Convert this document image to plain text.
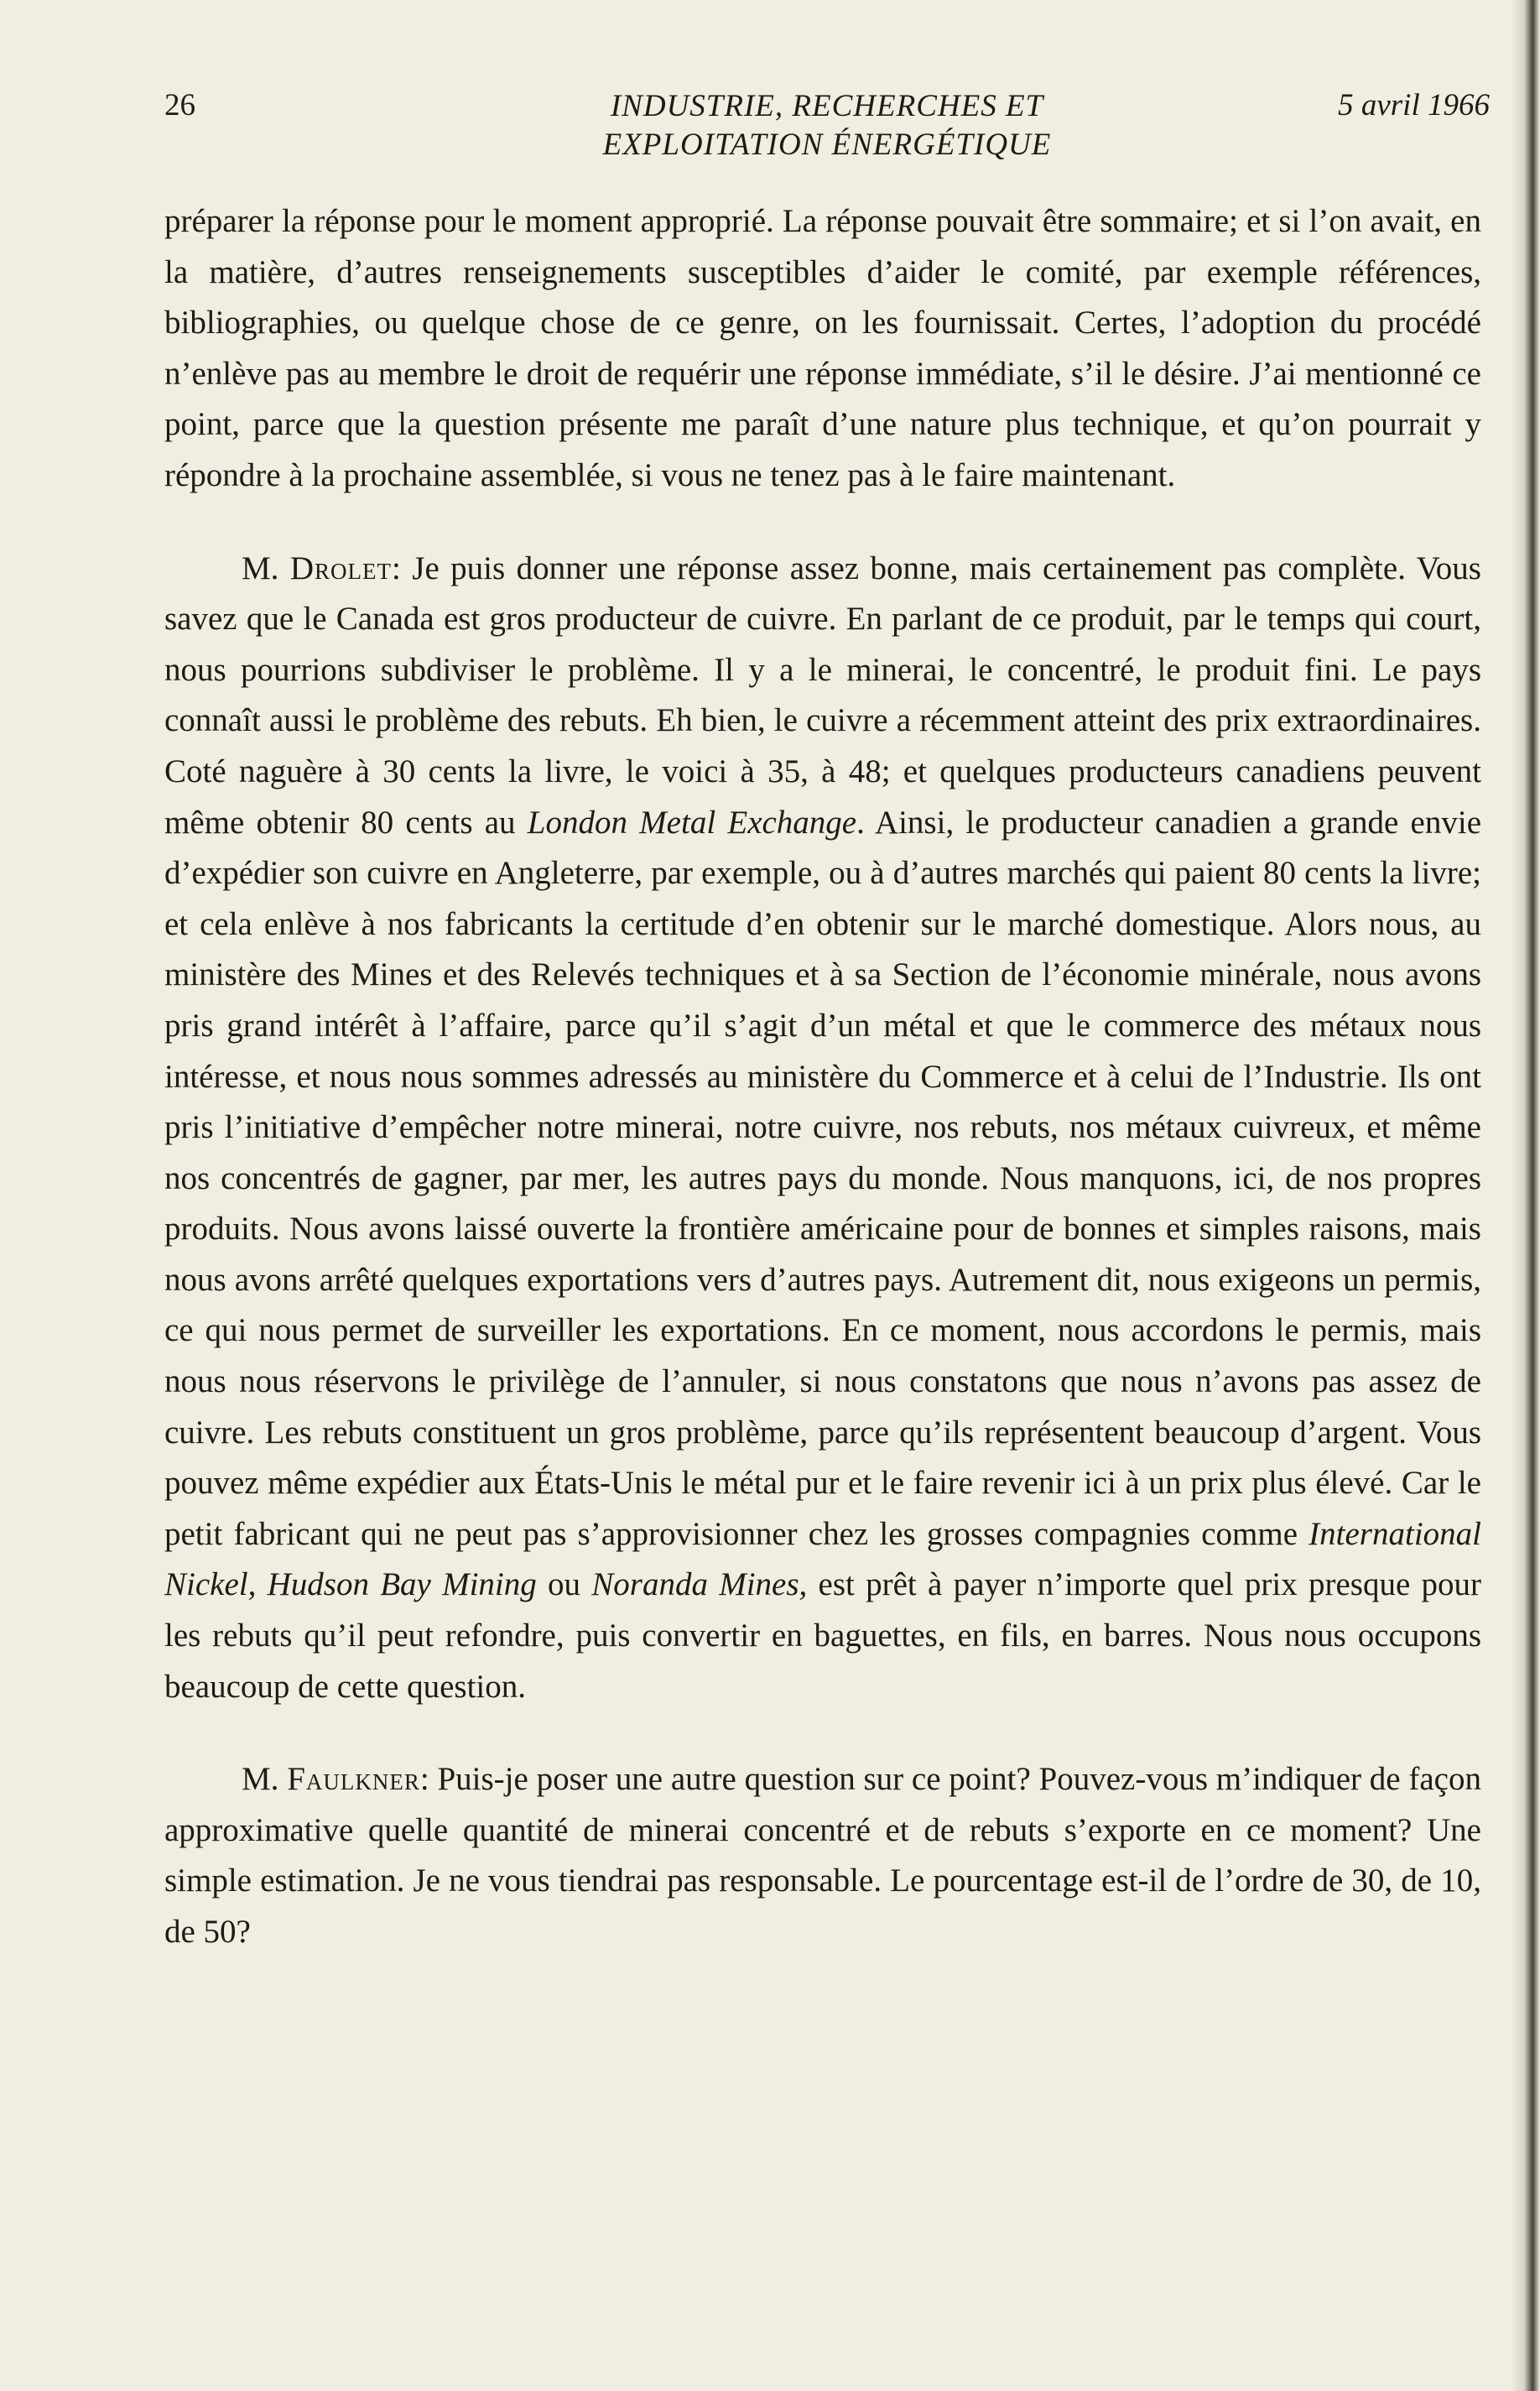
26	INDUSTRIE, RECHERCHES ET
EXPLOITATION ÉNERGÉTIQUE
5 avril 1966

préparer la réponse pour le moment approprié. La réponse pouvait être sommaire; et si l’on avait, en la matière, d’autres renseignements susceptibles d’aider le comité, par exemple références, bibliographies, ou quelque chose de ce genre, on les fournissait. Certes, l’adoption du procédé n’enlève pas au membre le droit de requérir une réponse immédiate, s’il le désire. J’ai mentionné ce point, parce que la question présente me paraît d’une nature plus technique, et qu’on pourrait y répondre à la prochaine assemblée, si vous ne tenez pas à le faire maintenant.

M. Drolet: Je puis donner une réponse assez bonne, mais certainement pas complète. Vous savez que le Canada est gros producteur de cuivre. En parlant de ce produit, par le temps qui court, nous pourrions subdiviser le problème. Il y a le minerai, le concentré, le produit fini. Le pays connaît aussi le problème des rebuts. Eh bien, le cuivre a récemment atteint des prix extraordinaires. Coté naguère à 30 cents la livre, le voici à 35, à 48; et quelques producteurs canadiens peuvent même obtenir 80 cents au London Metal Exchange. Ainsi, le producteur canadien a grande envie d’expédier son cuivre en Angleterre, par exemple, ou à d’autres marchés qui paient 80 cents la livre; et cela enlève à nos fabricants la certitude d’en obtenir sur le marché domestique. Alors nous, au ministère des Mines et des Relevés techniques et à sa Section de l’économie minérale, nous avons pris grand intérêt à l’affaire, parce qu’il s’agit d’un métal et que le commerce des métaux nous intéresse, et nous nous sommes adressés au ministère du Commerce et à celui de l’Industrie. Ils ont pris l’initiative d’empêcher notre minerai, notre cuivre, nos rebuts, nos métaux cuivreux, et même nos concentrés de gagner, par mer, les autres pays du monde. Nous manquons, ici, de nos propres produits. Nous avons laissé ouverte la frontière américaine pour de bonnes et simples raisons, mais nous avons arrêté quelques exportations vers d’autres pays. Autrement dit, nous exigeons un permis, ce qui nous permet de surveiller les exportations. En ce moment, nous accordons le permis, mais nous nous réservons le privilège de l’annuler, si nous constatons que nous n’avons pas assez de cuivre. Les rebuts constituent un gros problème, parce qu’ils représentent beaucoup d’argent. Vous pouvez même expédier aux États-Unis le métal pur et le faire revenir ici à un prix plus élevé. Car le petit fabricant qui ne peut pas s’approvisionner chez les grosses compagnies comme International Nickel, Hudson Bay Mining ou Noranda Mines, est prêt à payer n’importe quel prix presque pour les rebuts qu’il peut refondre, puis convertir en baguettes, en fils, en barres. Nous nous occupons beaucoup de cette question.

M. Faulkner: Puis-je poser une autre question sur ce point? Pouvez-vous m’indiquer de façon approximative quelle quantité de minerai concentré et de rebuts s’exporte en ce moment? Une simple estimation. Je ne vous tiendrai pas responsable. Le pourcentage est-il de l’ordre de 30, de 10, de 50?
